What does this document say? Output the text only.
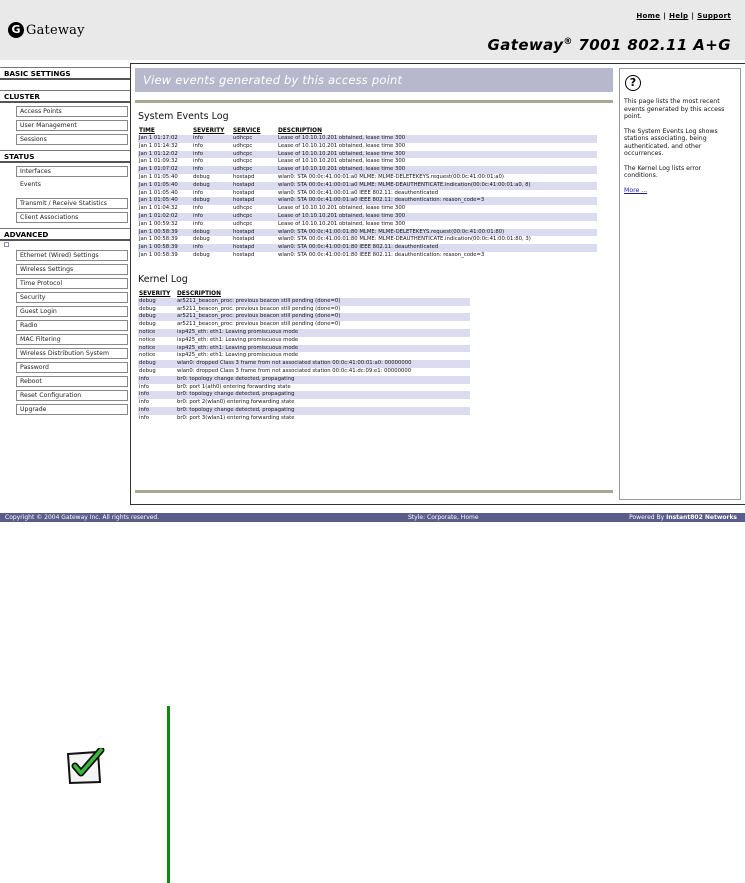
G Gateway
Home | Help | Support
Gateway® 7001 802.11 A+G
BASIC SETTINGS
CLUSTER
Access Points
User Management
Sessions
STATUS
Interfaces
Events
Transmit / Receive Statistics
Client Associations
ADVANCED
Ethernet (Wired) Settings
Wireless Settings
Time Protocol
Security
Guest Login
Radio
MAC Filtering
Wireless Distribution System
Password
Reboot
Reset Configuration
Upgrade
View events generated by this access point
System Events Log
TIME	SEVERITY	SERVICE	DESCRIPTION
Jan 1 01:17:02	info	udhcpc	Lease of 10.10.10.201 obtained, lease time 300
Jan 1 01:14:32	info	udhcpc	Lease of 10.10.10.201 obtained, lease time 300
Jan 1 01:12:02	info	udhcpc	Lease of 10.10.10.201 obtained, lease time 300
Jan 1 01:09:32	info	udhcpc	Lease of 10.10.10.201 obtained, lease time 300
Jan 1 01:07:02	info	udhcpc	Lease of 10.10.10.201 obtained, lease time 300
Jan 1 01:05:40	debug	hostapd	wlan0: STA 00:0c:41:00:01:a0 MLME: MLME-DELETEKEYS.request(00:0c:41:00:01:a0)
Jan 1 01:05:40	debug	hostapd	wlan0: STA 00:0c:41:00:01:a0 MLME: MLME-DEAUTHENTICATE.indication(00:0c:41:00:01:a0, 8)
Jan 1 01:05:40	info	hostapd	wlan0: STA 00:0c:41:00:01:a0 IEEE 802.11: deauthenticated
Jan 1 01:05:40	debug	hostapd	wlan0: STA 00:0c:41:00:01:a0 IEEE 802.11: deauthentication: reason_code=3
Jan 1 01:04:32	info	udhcpc	Lease of 10.10.10.201 obtained, lease time 300
Jan 1 01:02:02	info	udhcpc	Lease of 10.10.10.201 obtained, lease time 300
Jan 1 00:59:32	info	udhcpc	Lease of 10.10.10.201 obtained, lease time 300
Jan 1 00:58:39	debug	hostapd	wlan0: STA 00:0c:41:00:01:80 MLME: MLME-DELETEKEYS.request(00:0c:41:00:01:80)
Jan 1 00:58:39	debug	hostapd	wlan0: STA 00:0c:41:00:01:80 MLME: MLME-DEAUTHENTICATE.indication(00:0c:41:00:01:80, 3)
Jan 1 00:58:39	info	hostapd	wlan0: STA 00:0c:41:00:01:80 IEEE 802.11: deauthenticated
Jan 1 00:58:39	debug	hostapd	wlan0: STA 00:0c:41:00:01:80 IEEE 802.11: deauthentication: reason_code=3
Kernel Log
SEVERITY	DESCRIPTION
debug	ar5211_beacon_proc: previous beacon still pending (done=0)
debug	ar5211_beacon_proc: previous beacon still pending (done=0)
debug	ar5211_beacon_proc: previous beacon still pending (done=0)
debug	ar5211_beacon_proc: previous beacon still pending (done=0)
notice	ixp425_eth: eth1: Leaving promiscuous mode
notice	ixp425_eth: eth1: Leaving promiscuous mode
notice	ixp425_eth: eth1: Leaving promiscuous mode
notice	ixp425_eth: eth1: Leaving promiscuous mode
debug	wlan0: dropped Class 3 frame from not associated station 00:0c:41:00:01:a0: 00000000
debug	wlan0: dropped Class 3 frame from not associated station 00:0c:41:dc:09:e1: 00000000
info	br0: topology change detected, propagating
info	br0: port 1(ath0) entering forwarding state
info	br0: topology change detected, propagating
info	br0: port 2(wlan0) entering forwarding state
info	br0: topology change detected, propagating
info	br0: port 3(wlan1) entering forwarding state
?

This page lists the most recent events generated by this access point.

The System Events Log shows stations associating, being authenticated, and other occurrences.

The Kernel Log lists error conditions.

More ...
Copyright © 2004 Gateway Inc. All rights reserved.	Style: Corporate, Home	Powered By Instant802 Networks
